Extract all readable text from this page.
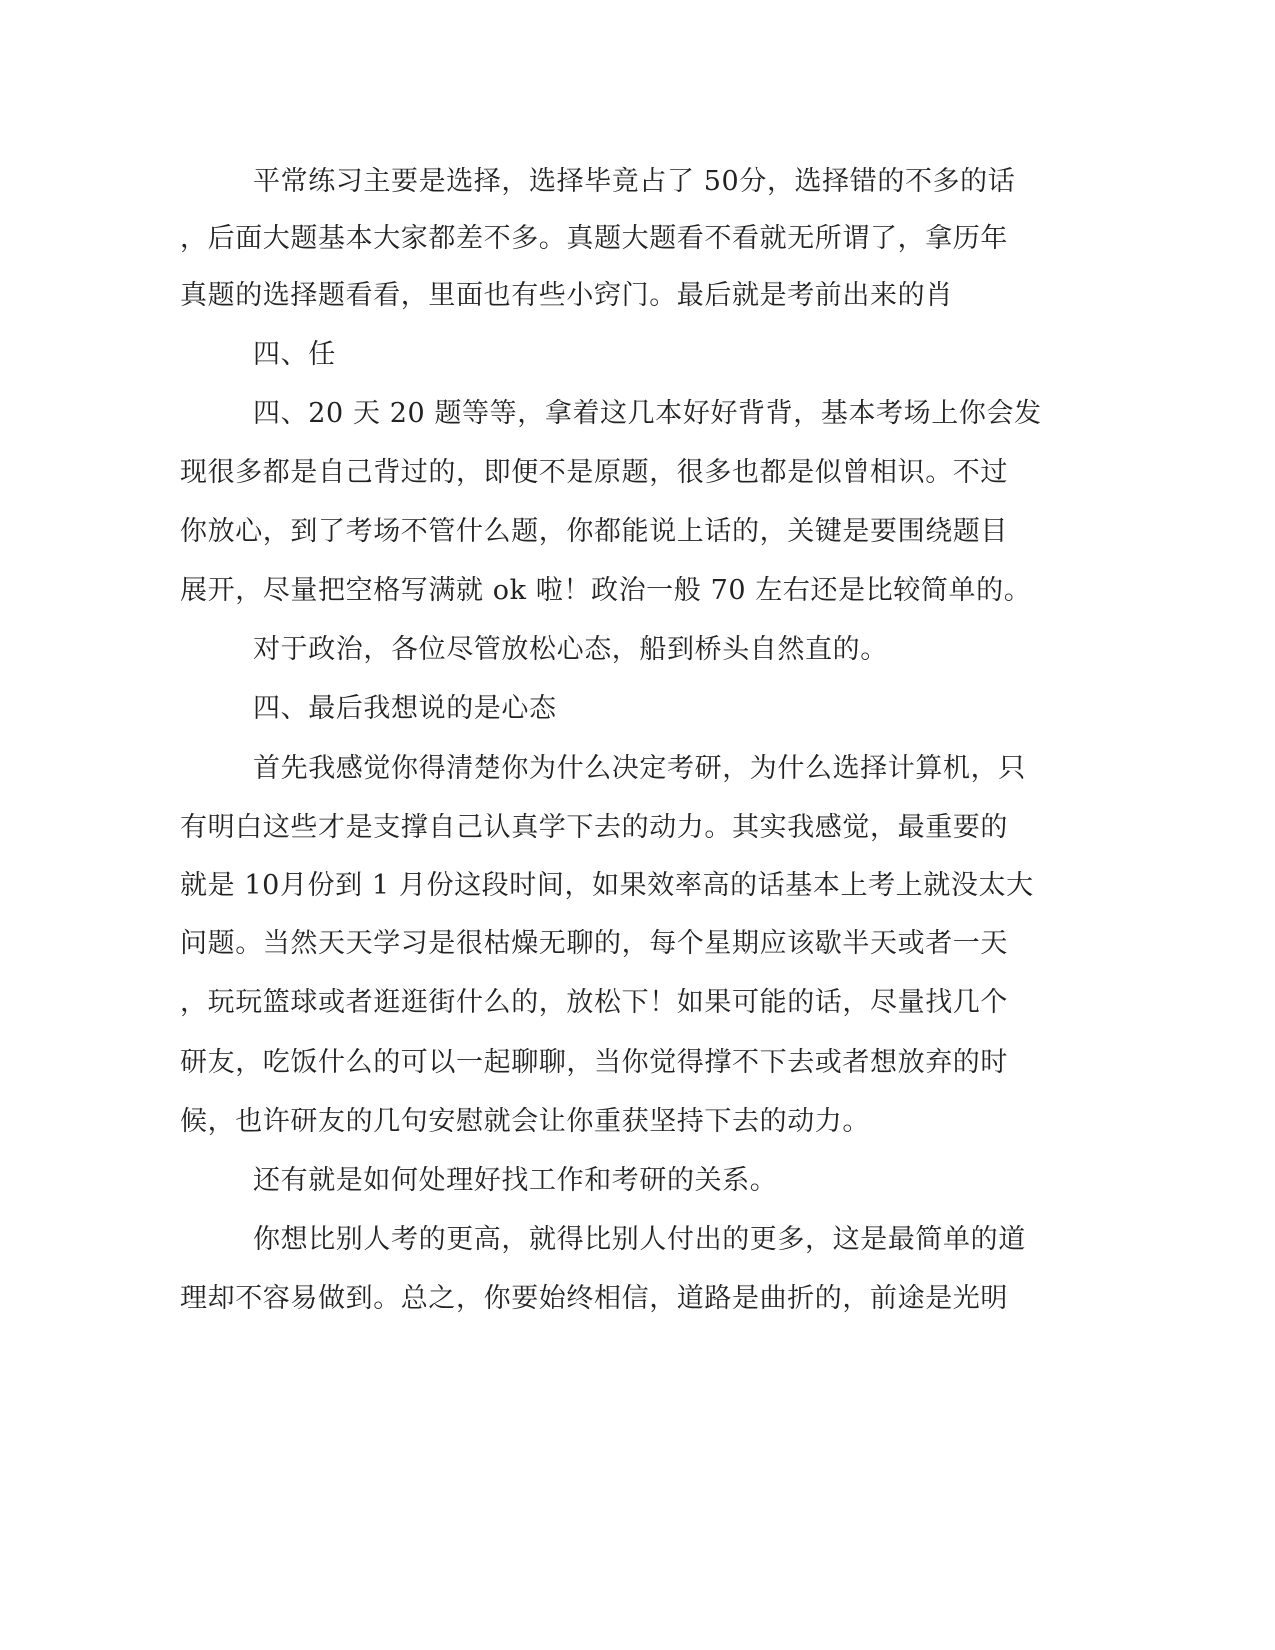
平常练习主要是选择，选择毕竟占了 50分，选择错的不多的话

，后面大题基本大家都差不多。真题大题看不看就无所谓了，拿历年

真题的选择题看看，里面也有些小窍门。最后就是考前出来的肖

四、任

四、20 天 20 题等等，拿着这几本好好背背，基本考场上你会发

现很多都是自己背过的，即便不是原题，很多也都是似曾相识。不过

你放心，到了考场不管什么题，你都能说上话的，关键是要围绕题目

展开，尽量把空格写满就 ok 啦！政治一般 70 左右还是比较简单的。

对于政治，各位尽管放松心态，船到桥头自然直的。

四、最后我想说的是心态

首先我感觉你得清楚你为什么决定考研，为什么选择计算机，只

有明白这些才是支撑自己认真学下去的动力。其实我感觉，最重要的

就是 10月份到 1 月份这段时间，如果效率高的话基本上考上就没太大

问题。当然天天学习是很枯燥无聊的，每个星期应该歇半天或者一天

，玩玩篮球或者逛逛街什么的，放松下！如果可能的话，尽量找几个

研友，吃饭什么的可以一起聊聊，当你觉得撑不下去或者想放弃的时

候，也许研友的几句安慰就会让你重获坚持下去的动力。

还有就是如何处理好找工作和考研的关系。

你想比别人考的更高，就得比别人付出的更多，这是最简单的道

理却不容易做到。总之，你要始终相信，道路是曲折的，前途是光明
